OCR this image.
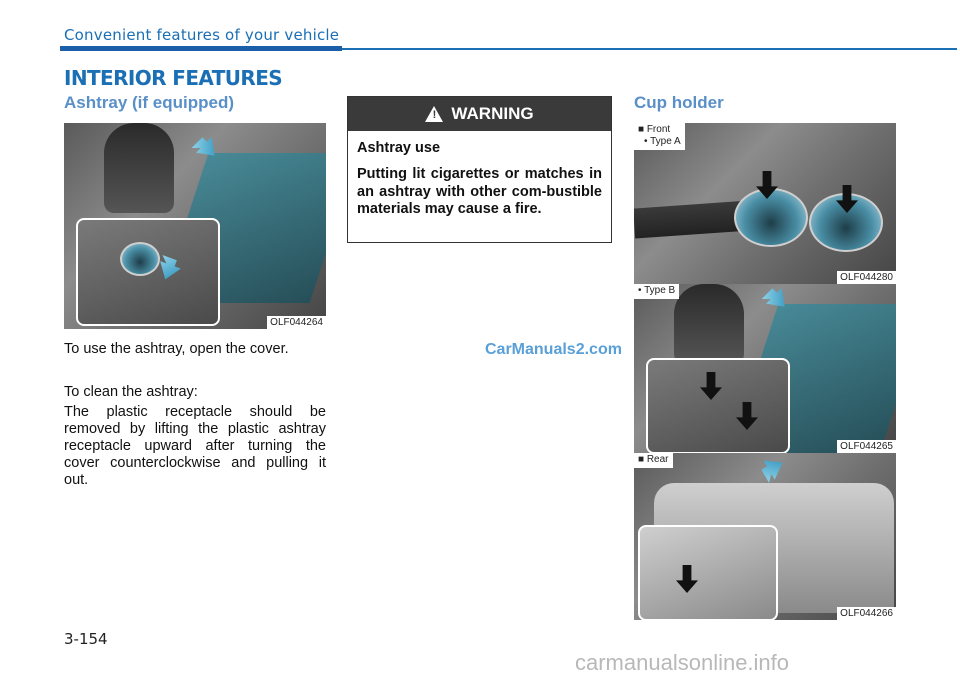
Convenient features of your vehicle
INTERIOR FEATURES
Ashtray (if equipped)
OLF044264
To use the ashtray, open the cover.
To clean the ashtray:
The plastic receptacle should be removed by lifting the plastic ashtray receptacle upward after turning the cover counterclockwise and pulling it out.
! WARNING
Ashtray use
Putting lit cigarettes or matches in an ashtray with other com-bustible materials may cause a fire.
CarManuals2.com
Cup holder
■ Front
• Type A
OLF044280
• Type B
OLF044265
■ Rear
OLF044266
3-154
carmanualsonline.info
